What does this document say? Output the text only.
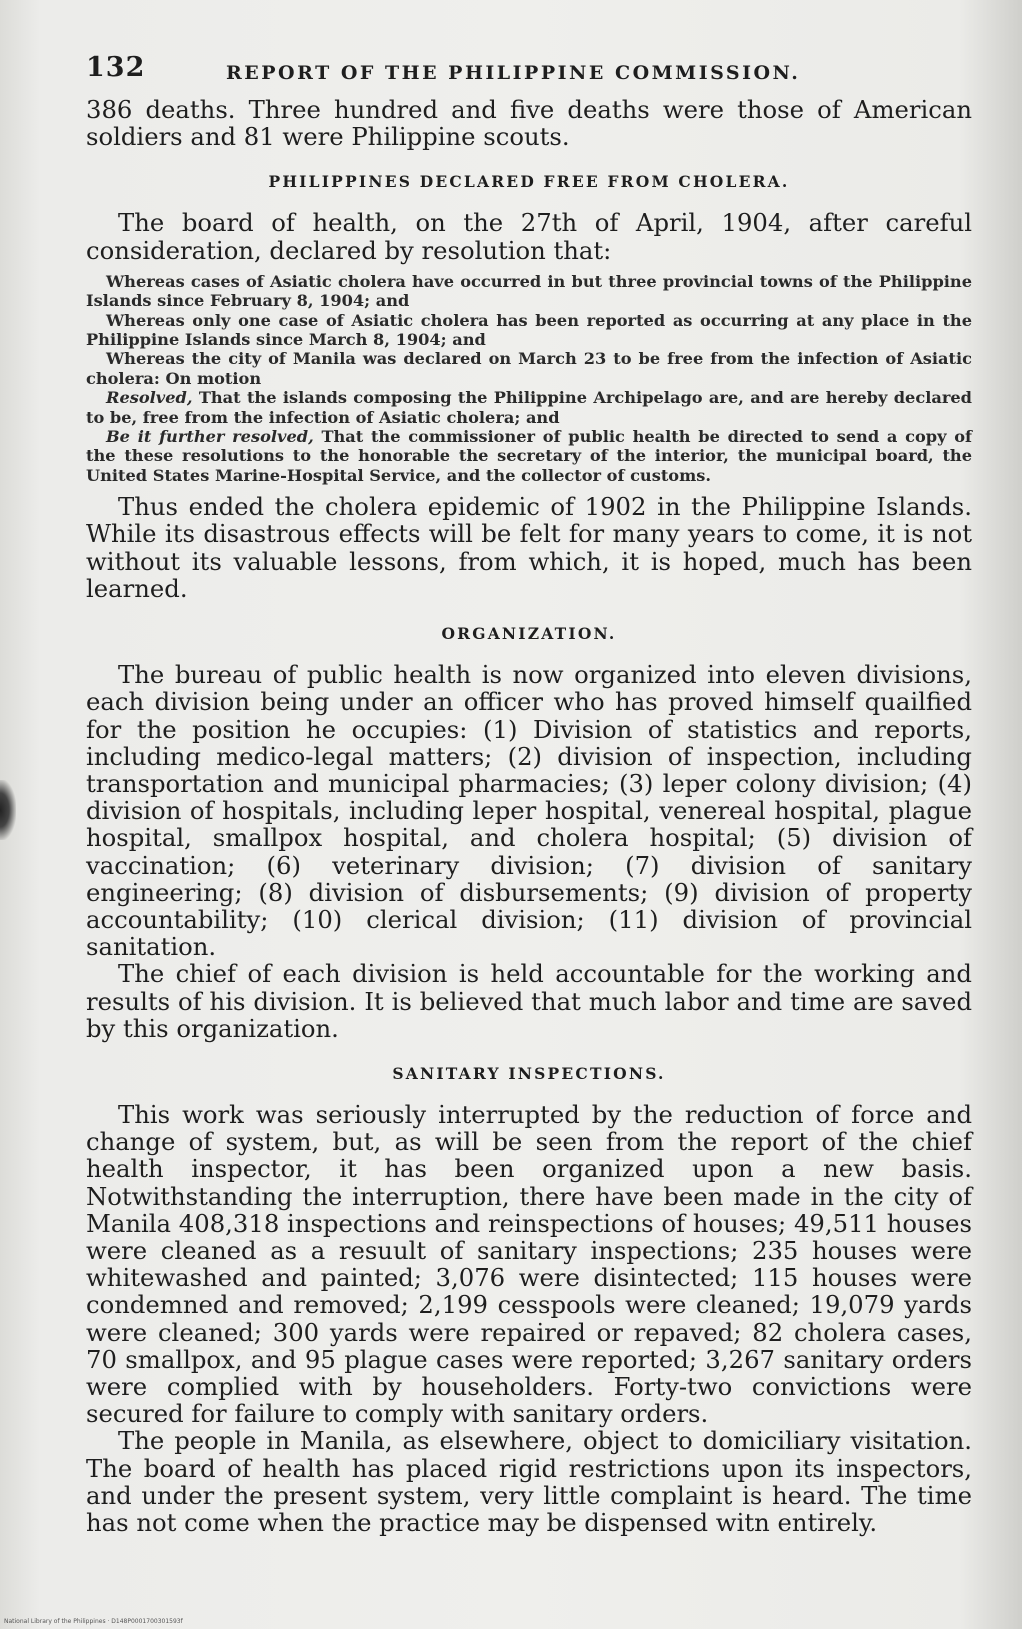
132	REPORT OF THE PHILIPPINE COMMISSION.

386 deaths. Three hundred and five deaths were those of American soldiers and 81 were Philippine scouts.

PHILIPPINES DECLARED FREE FROM CHOLERA.

The board of health, on the 27th of April, 1904, after careful consideration, declared by resolution that:

Whereas cases of Asiatic cholera have occurred in but three provincial towns of the Philippine Islands since February 8, 1904; and

Whereas only one case of Asiatic cholera has been reported as occurring at any place in the Philippine Islands since March 8, 1904; and

Whereas the city of Manila was declared on March 23 to be free from the infection of Asiatic cholera: On motion

Resolved, That the islands composing the Philippine Archipelago are, and are hereby declared to be, free from the infection of Asiatic cholera; and

Be it further resolved, That the commissioner of public health be directed to send a copy of the these resolutions to the honorable the secretary of the interior, the municipal board, the United States Marine-Hospital Service, and the collector of customs.

Thus ended the cholera epidemic of 1902 in the Philippine Islands. While its disastrous effects will be felt for many years to come, it is not without its valuable lessons, from which, it is hoped, much has been learned.

ORGANIZATION.

The bureau of public health is now organized into eleven divisions, each division being under an officer who has proved himself quailfied for the position he occupies: (1) Division of statistics and reports, including medico-legal matters; (2) division of inspection, including transportation and municipal pharmacies; (3) leper colony division; (4) division of hospitals, including leper hospital, venereal hospital, plague hospital, smallpox hospital, and cholera hospital; (5) division of vaccination; (6) veterinary division; (7) division of sanitary engineering; (8) division of disbursements; (9) division of property accountability; (10) clerical division; (11) division of provincial sanitation.

The chief of each division is held accountable for the working and results of his division. It is believed that much labor and time are saved by this organization.

SANITARY INSPECTIONS.

This work was seriously interrupted by the reduction of force and change of system, but, as will be seen from the report of the chief health inspector, it has been organized upon a new basis. Notwithstanding the interruption, there have been made in the city of Manila 408,318 inspections and reinspections of houses; 49,511 houses were cleaned as a resuult of sanitary inspections; 235 houses were whitewashed and painted; 3,076 were disintected; 115 houses were condemned and removed; 2,199 cesspools were cleaned; 19,079 yards were cleaned; 300 yards were repaired or repaved; 82 cholera cases, 70 smallpox, and 95 plague cases were reported; 3,267 sanitary orders were complied with by householders. Forty-two convictions were secured for failure to comply with sanitary orders.

The people in Manila, as elsewhere, object to domiciliary visitation. The board of health has placed rigid restrictions upon its inspectors, and under the present system, very little complaint is heard. The time has not come when the practice may be dispensed witn entirely.

National Library of the Philippines · D148P0001700301593f
